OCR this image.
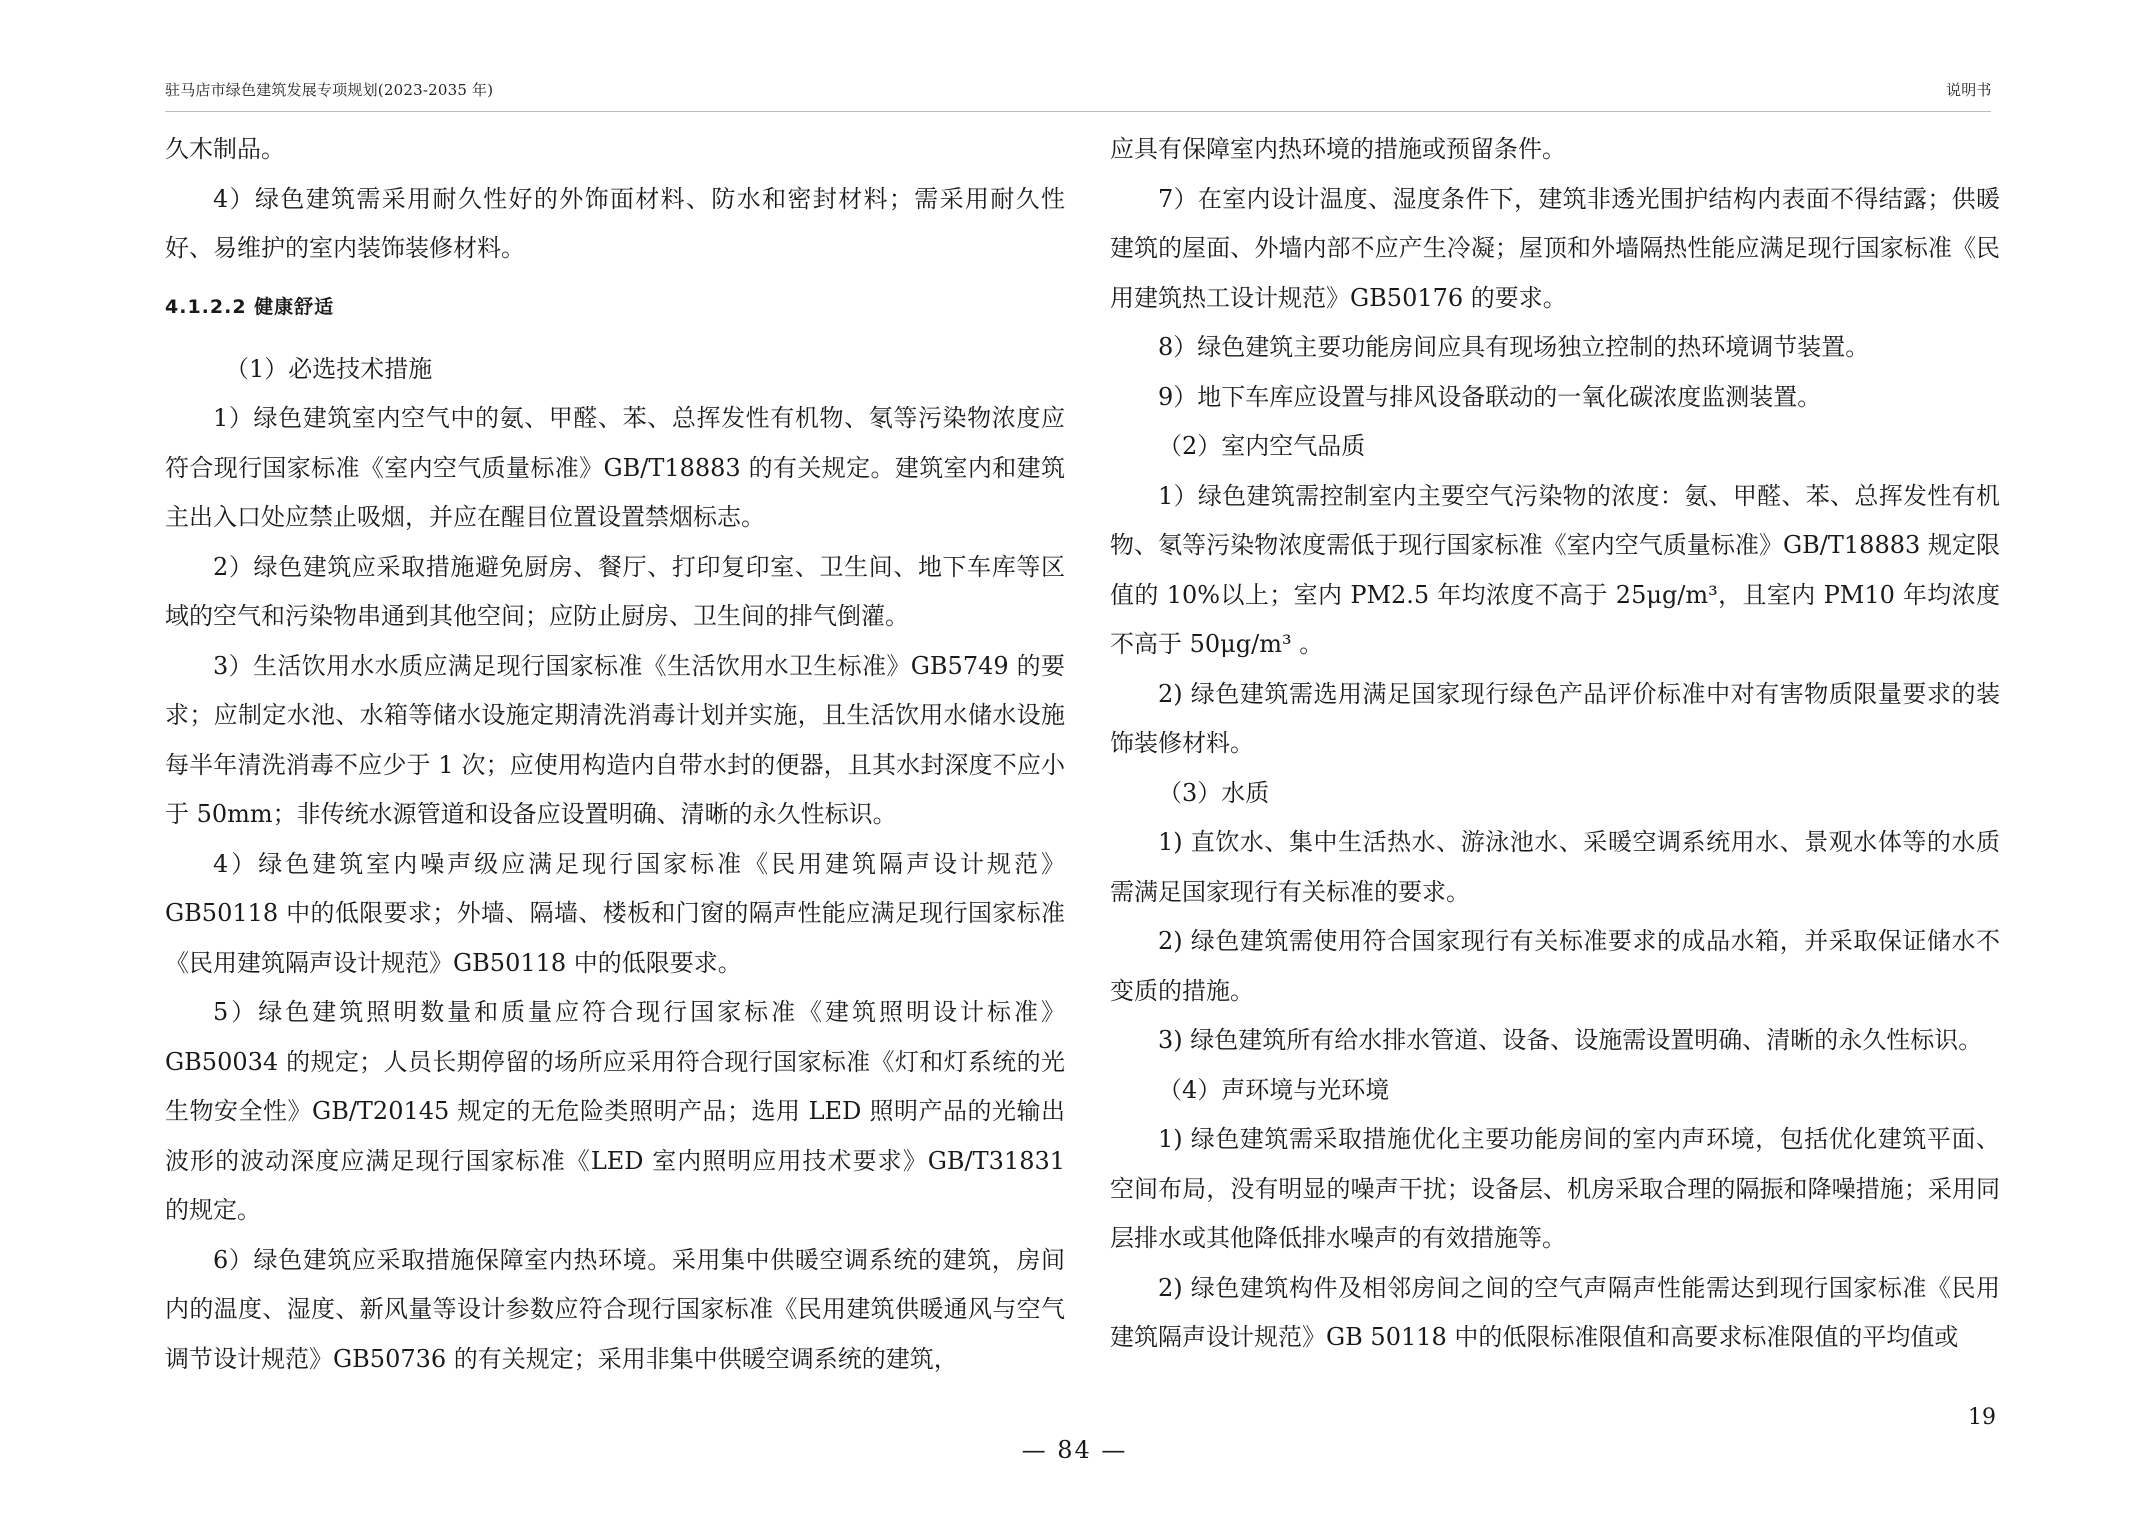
驻马店市绿色建筑发展专项规划(2023-2035 年)	说明书

久木制品。

4）绿色建筑需采用耐久性好的外饰面材料、防水和密封材料；需采用耐久性好、易维护的室内装饰装修材料。

4.1.2.2 健康舒适

（1）必选技术措施

1）绿色建筑室内空气中的氨、甲醛、苯、总挥发性有机物、氡等污染物浓度应符合现行国家标准《室内空气质量标准》GB/T18883 的有关规定。建筑室内和建筑主出入口处应禁止吸烟，并应在醒目位置设置禁烟标志。

2）绿色建筑应采取措施避免厨房、餐厅、打印复印室、卫生间、地下车库等区域的空气和污染物串通到其他空间；应防止厨房、卫生间的排气倒灌。

3）生活饮用水水质应满足现行国家标准《生活饮用水卫生标准》GB5749 的要求；应制定水池、水箱等储水设施定期清洗消毒计划并实施，且生活饮用水储水设施每半年清洗消毒不应少于 1 次；应使用构造内自带水封的便器，且其水封深度不应小于 50mm；非传统水源管道和设备应设置明确、清晰的永久性标识。

4）绿色建筑室内噪声级应满足现行国家标准《民用建筑隔声设计规范》GB50118 中的低限要求；外墙、隔墙、楼板和门窗的隔声性能应满足现行国家标准《民用建筑隔声设计规范》GB50118 中的低限要求。

5）绿色建筑照明数量和质量应符合现行国家标准《建筑照明设计标准》GB50034 的规定；人员长期停留的场所应采用符合现行国家标准《灯和灯系统的光生物安全性》GB/T20145 规定的无危险类照明产品；选用 LED 照明产品的光输出波形的波动深度应满足现行国家标准《LED 室内照明应用技术要求》GB/T31831 的规定。

6）绿色建筑应采取措施保障室内热环境。采用集中供暖空调系统的建筑，房间内的温度、湿度、新风量等设计参数应符合现行国家标准《民用建筑供暖通风与空气调节设计规范》GB50736 的有关规定；采用非集中供暖空调系统的建筑，

应具有保障室内热环境的措施或预留条件。

7）在室内设计温度、湿度条件下，建筑非透光围护结构内表面不得结露；供暖建筑的屋面、外墙内部不应产生冷凝；屋顶和外墙隔热性能应满足现行国家标准《民用建筑热工设计规范》GB50176 的要求。

8）绿色建筑主要功能房间应具有现场独立控制的热环境调节装置。

9）地下车库应设置与排风设备联动的一氧化碳浓度监测装置。

（2）室内空气品质

1）绿色建筑需控制室内主要空气污染物的浓度：氨、甲醛、苯、总挥发性有机物、氡等污染物浓度需低于现行国家标准《室内空气质量标准》GB/T18883 规定限值的 10%以上；室内 PM2.5 年均浓度不高于 25μg/m³，且室内 PM10 年均浓度不高于 50μg/m³ 。

2) 绿色建筑需选用满足国家现行绿色产品评价标准中对有害物质限量要求的装饰装修材料。

（3）水质

1) 直饮水、集中生活热水、游泳池水、采暖空调系统用水、景观水体等的水质需满足国家现行有关标准的要求。

2) 绿色建筑需使用符合国家现行有关标准要求的成品水箱，并采取保证储水不变质的措施。

3) 绿色建筑所有给水排水管道、设备、设施需设置明确、清晰的永久性标识。

（4）声环境与光环境

1) 绿色建筑需采取措施优化主要功能房间的室内声环境，包括优化建筑平面、空间布局，没有明显的噪声干扰；设备层、机房采取合理的隔振和降噪措施；采用同层排水或其他降低排水噪声的有效措施等。

2) 绿色建筑构件及相邻房间之间的空气声隔声性能需达到现行国家标准《民用建筑隔声设计规范》GB 50118 中的低限标准限值和高要求标准限值的平均值或

19
— 84 —
